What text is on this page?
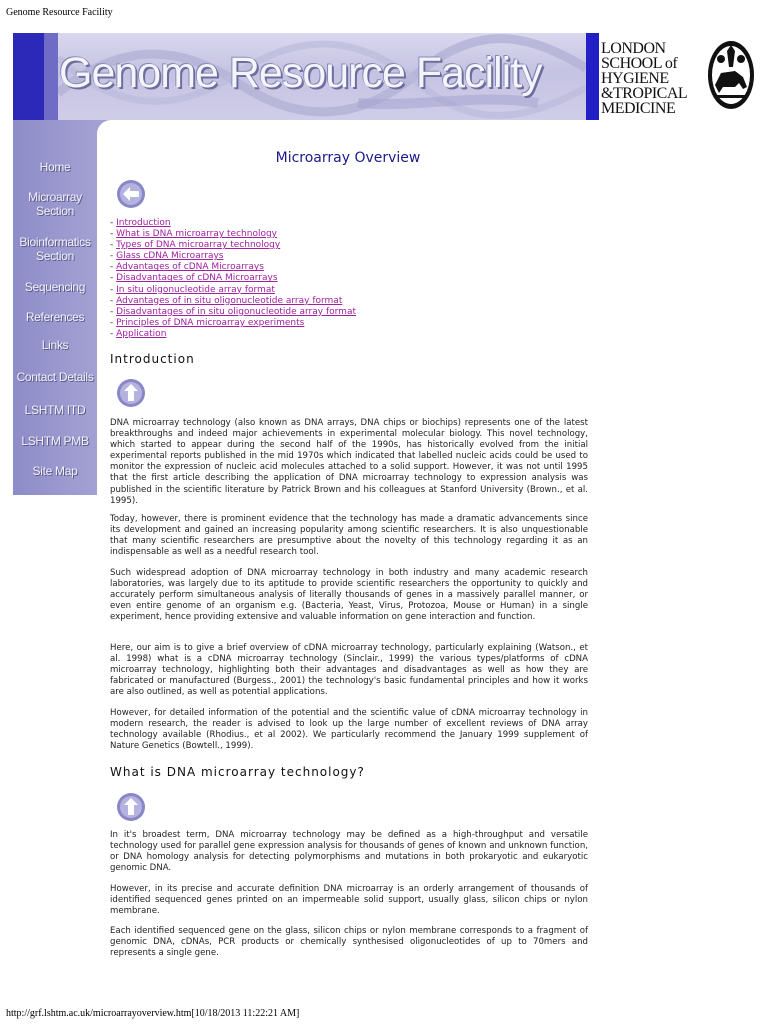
Genome Resource Facility
Genome Resource Facility
LONDON
SCHOOL of
HYGIENE
&TROPICAL
MEDICINE
Home
Microarray Section
Bioinformatics Section
Sequencing
References
Links
Contact Details
LSHTM ITD
LSHTM PMB
Site Map
Microarray Overview
- Introduction
- What is DNA microarray technology
- Types of DNA microarray technology
- Glass cDNA Microarrays
- Advantages of cDNA Microarrays
- Disadvantages of cDNA Microarrays
- In situ oligonucleotide array format
- Advantages of in situ oligonucleotide array format
- Disadvantages of in situ oligonucleotide array format
- Principles of DNA microarray experiments
- Application
Introduction

DNA microarray technology (also known as DNA arrays, DNA chips or biochips) represents one of the latest breakthroughs and indeed major achievements in experimental molecular biology. This novel technology, which started to appear during the second half of the 1990s, has historically evolved from the initial experimental reports published in the mid 1970s which indicated that labelled nucleic acids could be used to monitor the expression of nucleic acid molecules attached to a solid support. However, it was not until 1995 that the first article describing the application of DNA microarray technology to expression analysis was published in the scientific literature by Patrick Brown and his colleagues at Stanford University (Brown., et al. 1995).

Today, however, there is prominent evidence that the technology has made a dramatic advancements since its development and gained an increasing popularity among scientific researchers. It is also unquestionable that many scientific researchers are presumptive about the novelty of this technology regarding it as an indispensable as well as a needful research tool.

Such widespread adoption of DNA microarray technology in both industry and many academic research laboratories, was largely due to its aptitude to provide scientific researchers the opportunity to quickly and accurately perform simultaneous analysis of literally thousands of genes in a massively parallel manner, or even entire genome of an organism e.g. (Bacteria, Yeast, Virus, Protozoa, Mouse or Human) in a single experiment, hence providing extensive and valuable information on gene interaction and function.

Here, our aim is to give a brief overview of cDNA microarray technology, particularly explaining (Watson., et al. 1998) what is a cDNA microarray technology (Sinclair., 1999) the various types/platforms of cDNA microarray technology, highlighting both their advantages and disadvantages as well as how they are fabricated or manufactured (Burgess., 2001) the technology's basic fundamental principles and how it works are also outlined, as well as potential applications.

However, for detailed information of the potential and the scientific value of cDNA microarray technology in modern research, the reader is advised to look up the large number of excellent reviews of DNA array technology available (Rhodius., et al 2002). We particularly recommend the January 1999 supplement of Nature Genetics (Bowtell., 1999).

What is DNA microarray technology?

In it's broadest term, DNA microarray technology may be defined as a high-throughput and versatile technology used for parallel gene expression analysis for thousands of genes of known and unknown function, or DNA homology analysis for detecting polymorphisms and mutations in both prokaryotic and eukaryotic genomic DNA.

However, in its precise and accurate definition DNA microarray is an orderly arrangement of thousands of identified sequenced genes printed on an impermeable solid support, usually glass, silicon chips or nylon membrane.

Each identified sequenced gene on the glass, silicon chips or nylon membrane corresponds to a fragment of genomic DNA, cDNAs, PCR products or chemically synthesised oligonucleotides of up to 70mers and represents a single gene.

http://grf.lshtm.ac.uk/microarrayoverview.htm[10/18/2013 11:22:21 AM]
